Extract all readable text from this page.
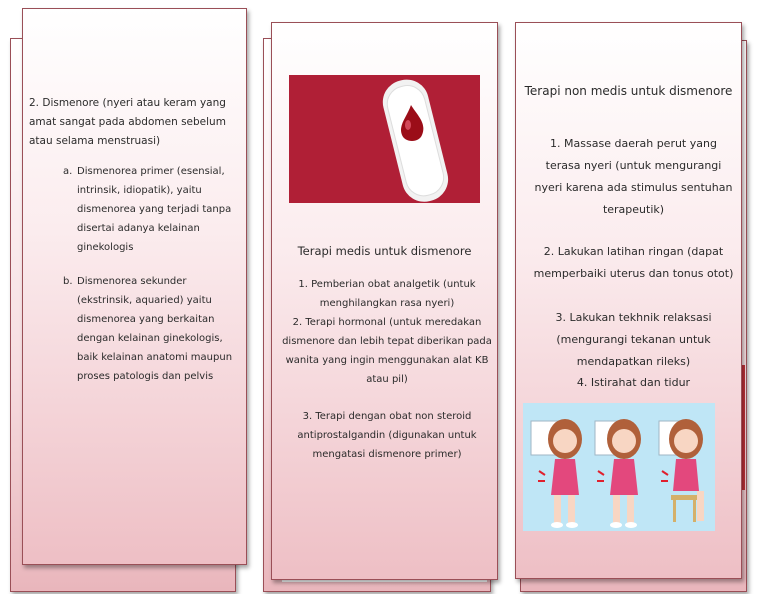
2. Dismenore (nyeri atau keram yang amat sangat pada abdomen sebelum atau selama menstruasi)
a. Dismenorea primer (esensial, intrinsik, idiopatik), yaitu dismenorea yang terjadi tanpa disertai adanya kelainan ginekologis
b. Dismenorea sekunder (ekstrinsik, aquaried) yaitu dismenorea yang berkaitan dengan kelainan ginekologis, baik kelainan anatomi maupun proses patologis dan pelvis
Terapi medis untuk dismenore
1. Pemberian obat analgetik (untuk menghilangkan rasa nyeri)
2. Terapi hormonal (untuk meredakan dismenore dan lebih tepat diberikan pada wanita yang ingin menggunakan alat KB atau pil)
3. Terapi dengan obat non steroid antiprostalgandin (digunakan untuk mengatasi dismenore primer)
Terapi non medis untuk dismenore
1. Massase daerah perut yang terasa nyeri (untuk mengurangi nyeri karena ada stimulus sentuhan terapeutik)
2. Lakukan latihan ringan (dapat memperbaiki uterus dan tonus otot)
3. Lakukan tekhnik relaksasi (mengurangi tekanan untuk mendapatkan rileks)
4. Istirahat dan tidur
